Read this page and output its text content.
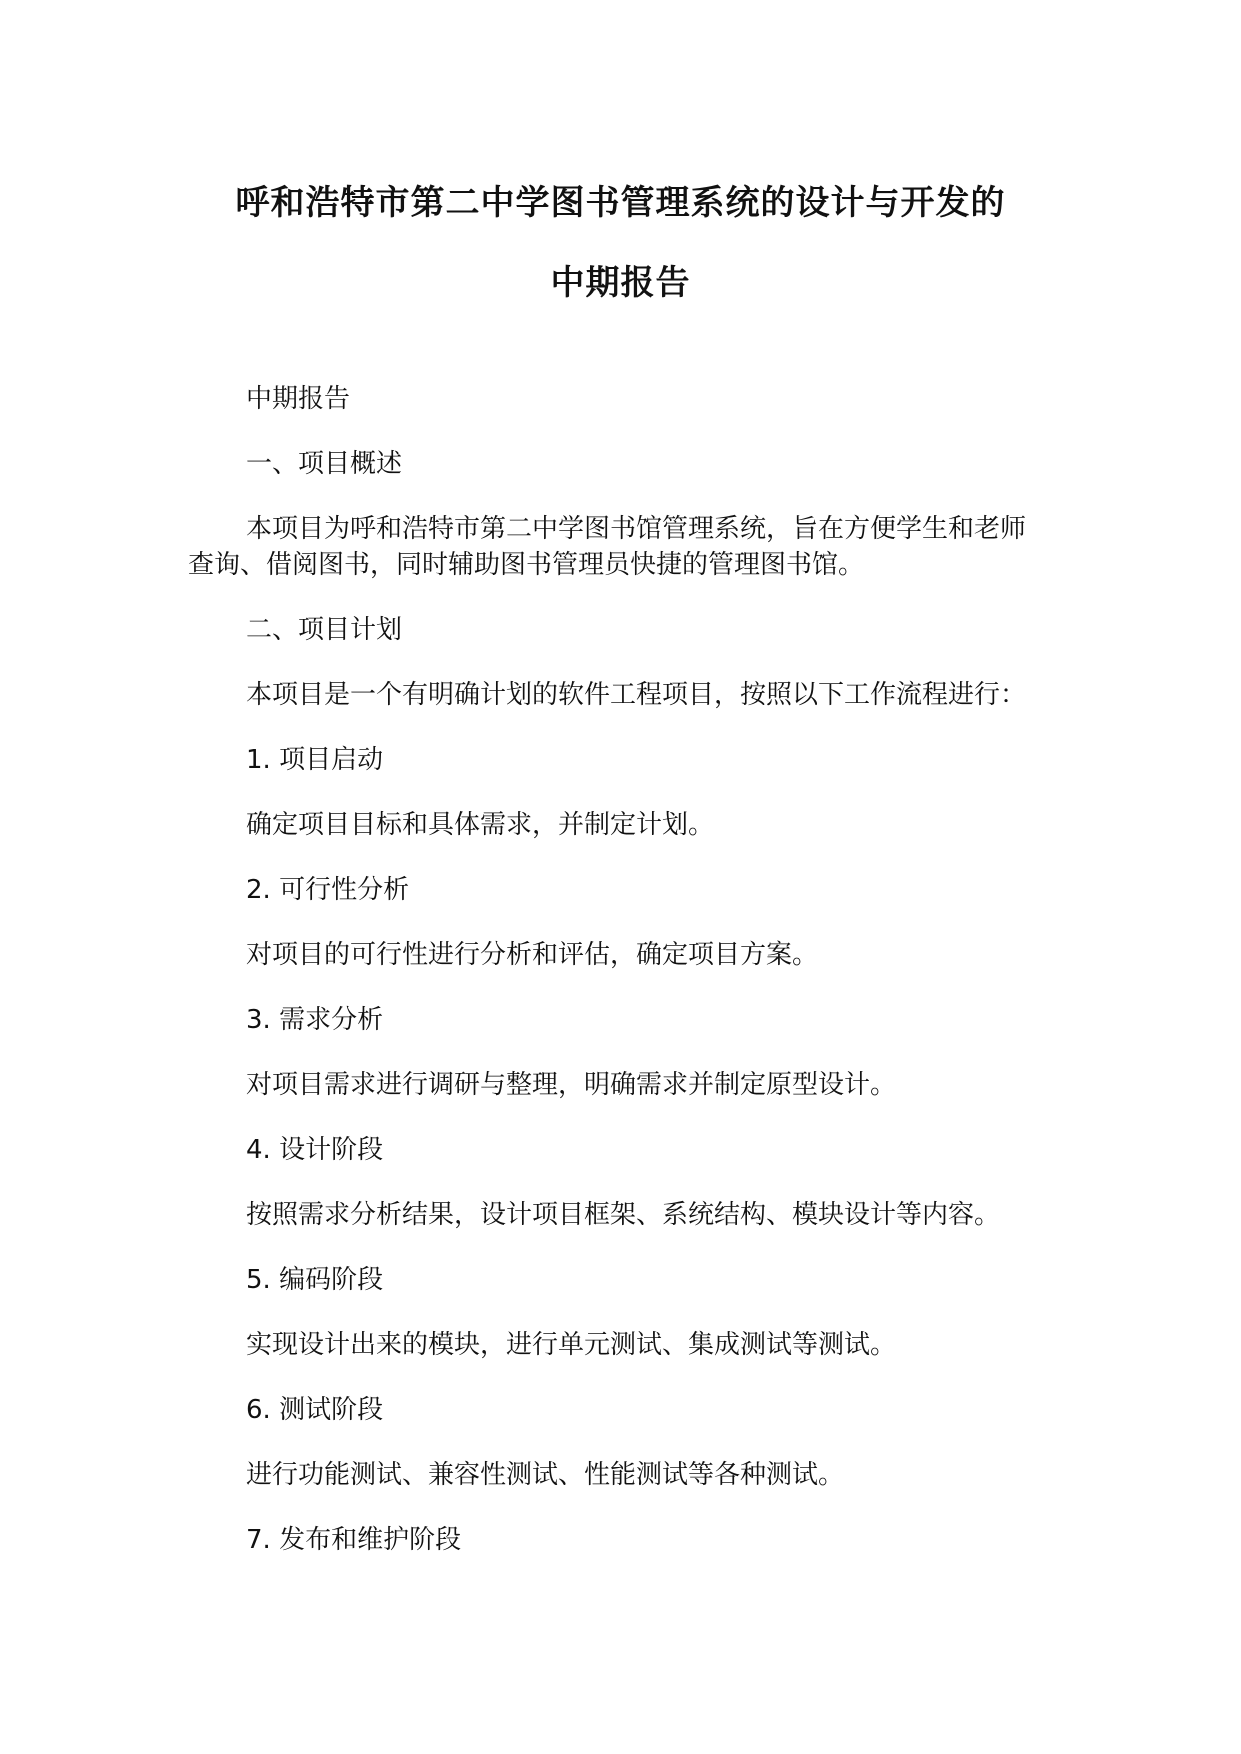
呼和浩特市第二中学图书管理系统的设计与开发的
中期报告

中期报告

一、项目概述

本项目为呼和浩特市第二中学图书馆管理系统，旨在方便学生和老师查询、借阅图书，同时辅助图书管理员快捷的管理图书馆。

二、项目计划

本项目是一个有明确计划的软件工程项目，按照以下工作流程进行：

1. 项目启动

确定项目目标和具体需求，并制定计划。

2. 可行性分析

对项目的可行性进行分析和评估，确定项目方案。

3. 需求分析

对项目需求进行调研与整理，明确需求并制定原型设计。

4. 设计阶段

按照需求分析结果，设计项目框架、系统结构、模块设计等内容。

5. 编码阶段

实现设计出来的模块，进行单元测试、集成测试等测试。

6. 测试阶段

进行功能测试、兼容性测试、性能测试等各种测试。

7. 发布和维护阶段
